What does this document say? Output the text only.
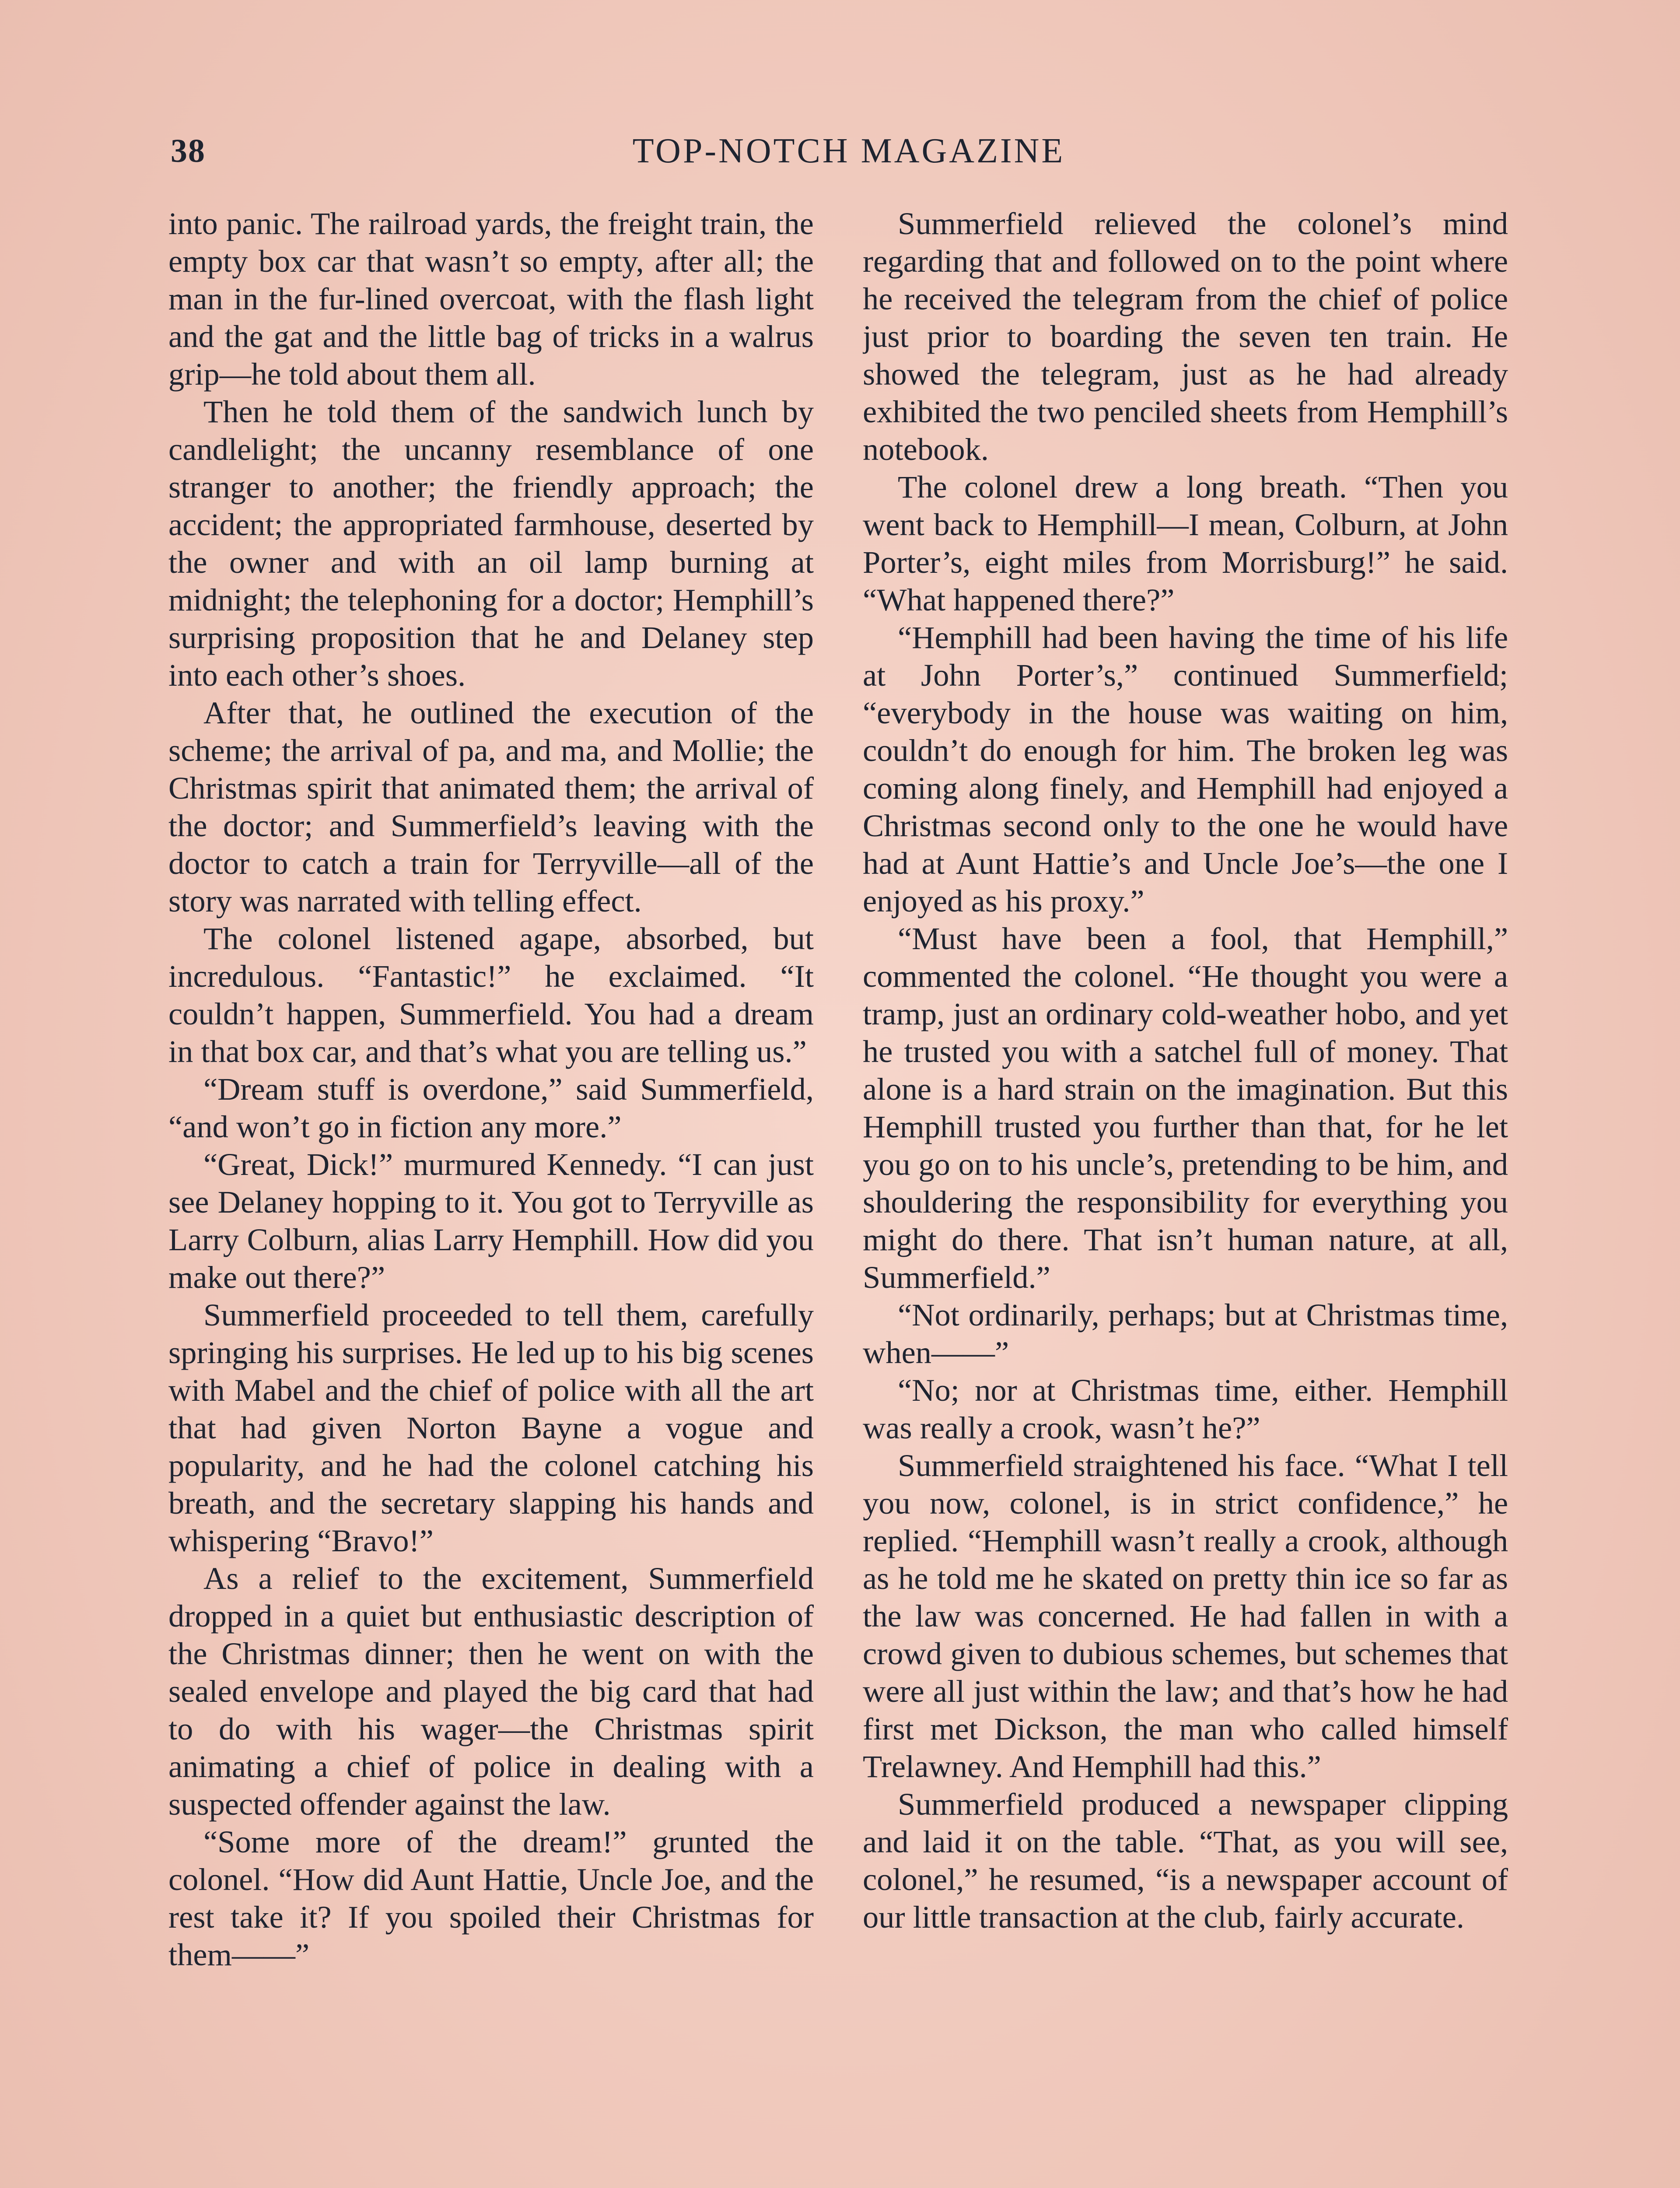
38	TOP-NOTCH MAGAZINE

into panic. The railroad yards, the freight train, the empty box car that wasn’t so empty, after all; the man in the fur-lined overcoat, with the flash light and the gat and the little bag of tricks in a walrus grip—he told about them all.

Then he told them of the sandwich lunch by candlelight; the uncanny resemblance of one stranger to another; the friendly approach; the accident; the appropriated farmhouse, deserted by the owner and with an oil lamp burning at midnight; the telephoning for a doctor; Hemphill’s surprising proposition that he and Delaney step into each other’s shoes.

After that, he outlined the execution of the scheme; the arrival of pa, and ma, and Mollie; the Christmas spirit that animated them; the arrival of the doctor; and Summerfield’s leaving with the doctor to catch a train for Terryville—all of the story was narrated with telling effect.

The colonel listened agape, absorbed, but incredulous. “Fantastic!” he exclaimed. “It couldn’t happen, Summerfield. You had a dream in that box car, and that’s what you are telling us.”

“Dream stuff is overdone,” said Summerfield, “and won’t go in fiction any more.”

“Great, Dick!” murmured Kennedy. “I can just see Delaney hopping to it. You got to Terryville as Larry Colburn, alias Larry Hemphill. How did you make out there?”

Summerfield proceeded to tell them, carefully springing his surprises. He led up to his big scenes with Mabel and the chief of police with all the art that had given Norton Bayne a vogue and popularity, and he had the colonel catching his breath, and the secretary slapping his hands and whispering “Bravo!”

As a relief to the excitement, Summerfield dropped in a quiet but enthusiastic description of the Christmas dinner; then he went on with the sealed envelope and played the big card that had to do with his wager—the Christmas spirit animating a chief of police in dealing with a suspected offender against the law.

“Some more of the dream!” grunted the colonel. “How did Aunt Hattie, Uncle Joe, and the rest take it? If you spoiled their Christmas for them——”

Summerfield relieved the colonel’s mind regarding that and followed on to the point where he received the telegram from the chief of police just prior to boarding the seven ten train. He showed the telegram, just as he had already exhibited the two penciled sheets from Hemphill’s notebook.

The colonel drew a long breath. “Then you went back to Hemphill—I mean, Colburn, at John Porter’s, eight miles from Morrisburg!” he said. “What happened there?”

“Hemphill had been having the time of his life at John Porter’s,” continued Summerfield; “everybody in the house was waiting on him, couldn’t do enough for him. The broken leg was coming along finely, and Hemphill had enjoyed a Christmas second only to the one he would have had at Aunt Hattie’s and Uncle Joe’s—the one I enjoyed as his proxy.”

“Must have been a fool, that Hemphill,” commented the colonel. “He thought you were a tramp, just an ordinary cold-weather hobo, and yet he trusted you with a satchel full of money. That alone is a hard strain on the imagination. But this Hemphill trusted you further than that, for he let you go on to his uncle’s, pretending to be him, and shouldering the responsibility for everything you might do there. That isn’t human nature, at all, Summerfield.”

“Not ordinarily, perhaps; but at Christmas time, when——”

“No; nor at Christmas time, either. Hemphill was really a crook, wasn’t he?”

Summerfield straightened his face. “What I tell you now, colonel, is in strict confidence,” he replied. “Hemphill wasn’t really a crook, although as he told me he skated on pretty thin ice so far as the law was concerned. He had fallen in with a crowd given to dubious schemes, but schemes that were all just within the law; and that’s how he had first met Dickson, the man who called himself Trelawney. And Hemphill had this.”

Summerfield produced a newspaper clipping and laid it on the table. “That, as you will see, colonel,” he resumed, “is a newspaper account of our little transaction at the club, fairly accurate.
